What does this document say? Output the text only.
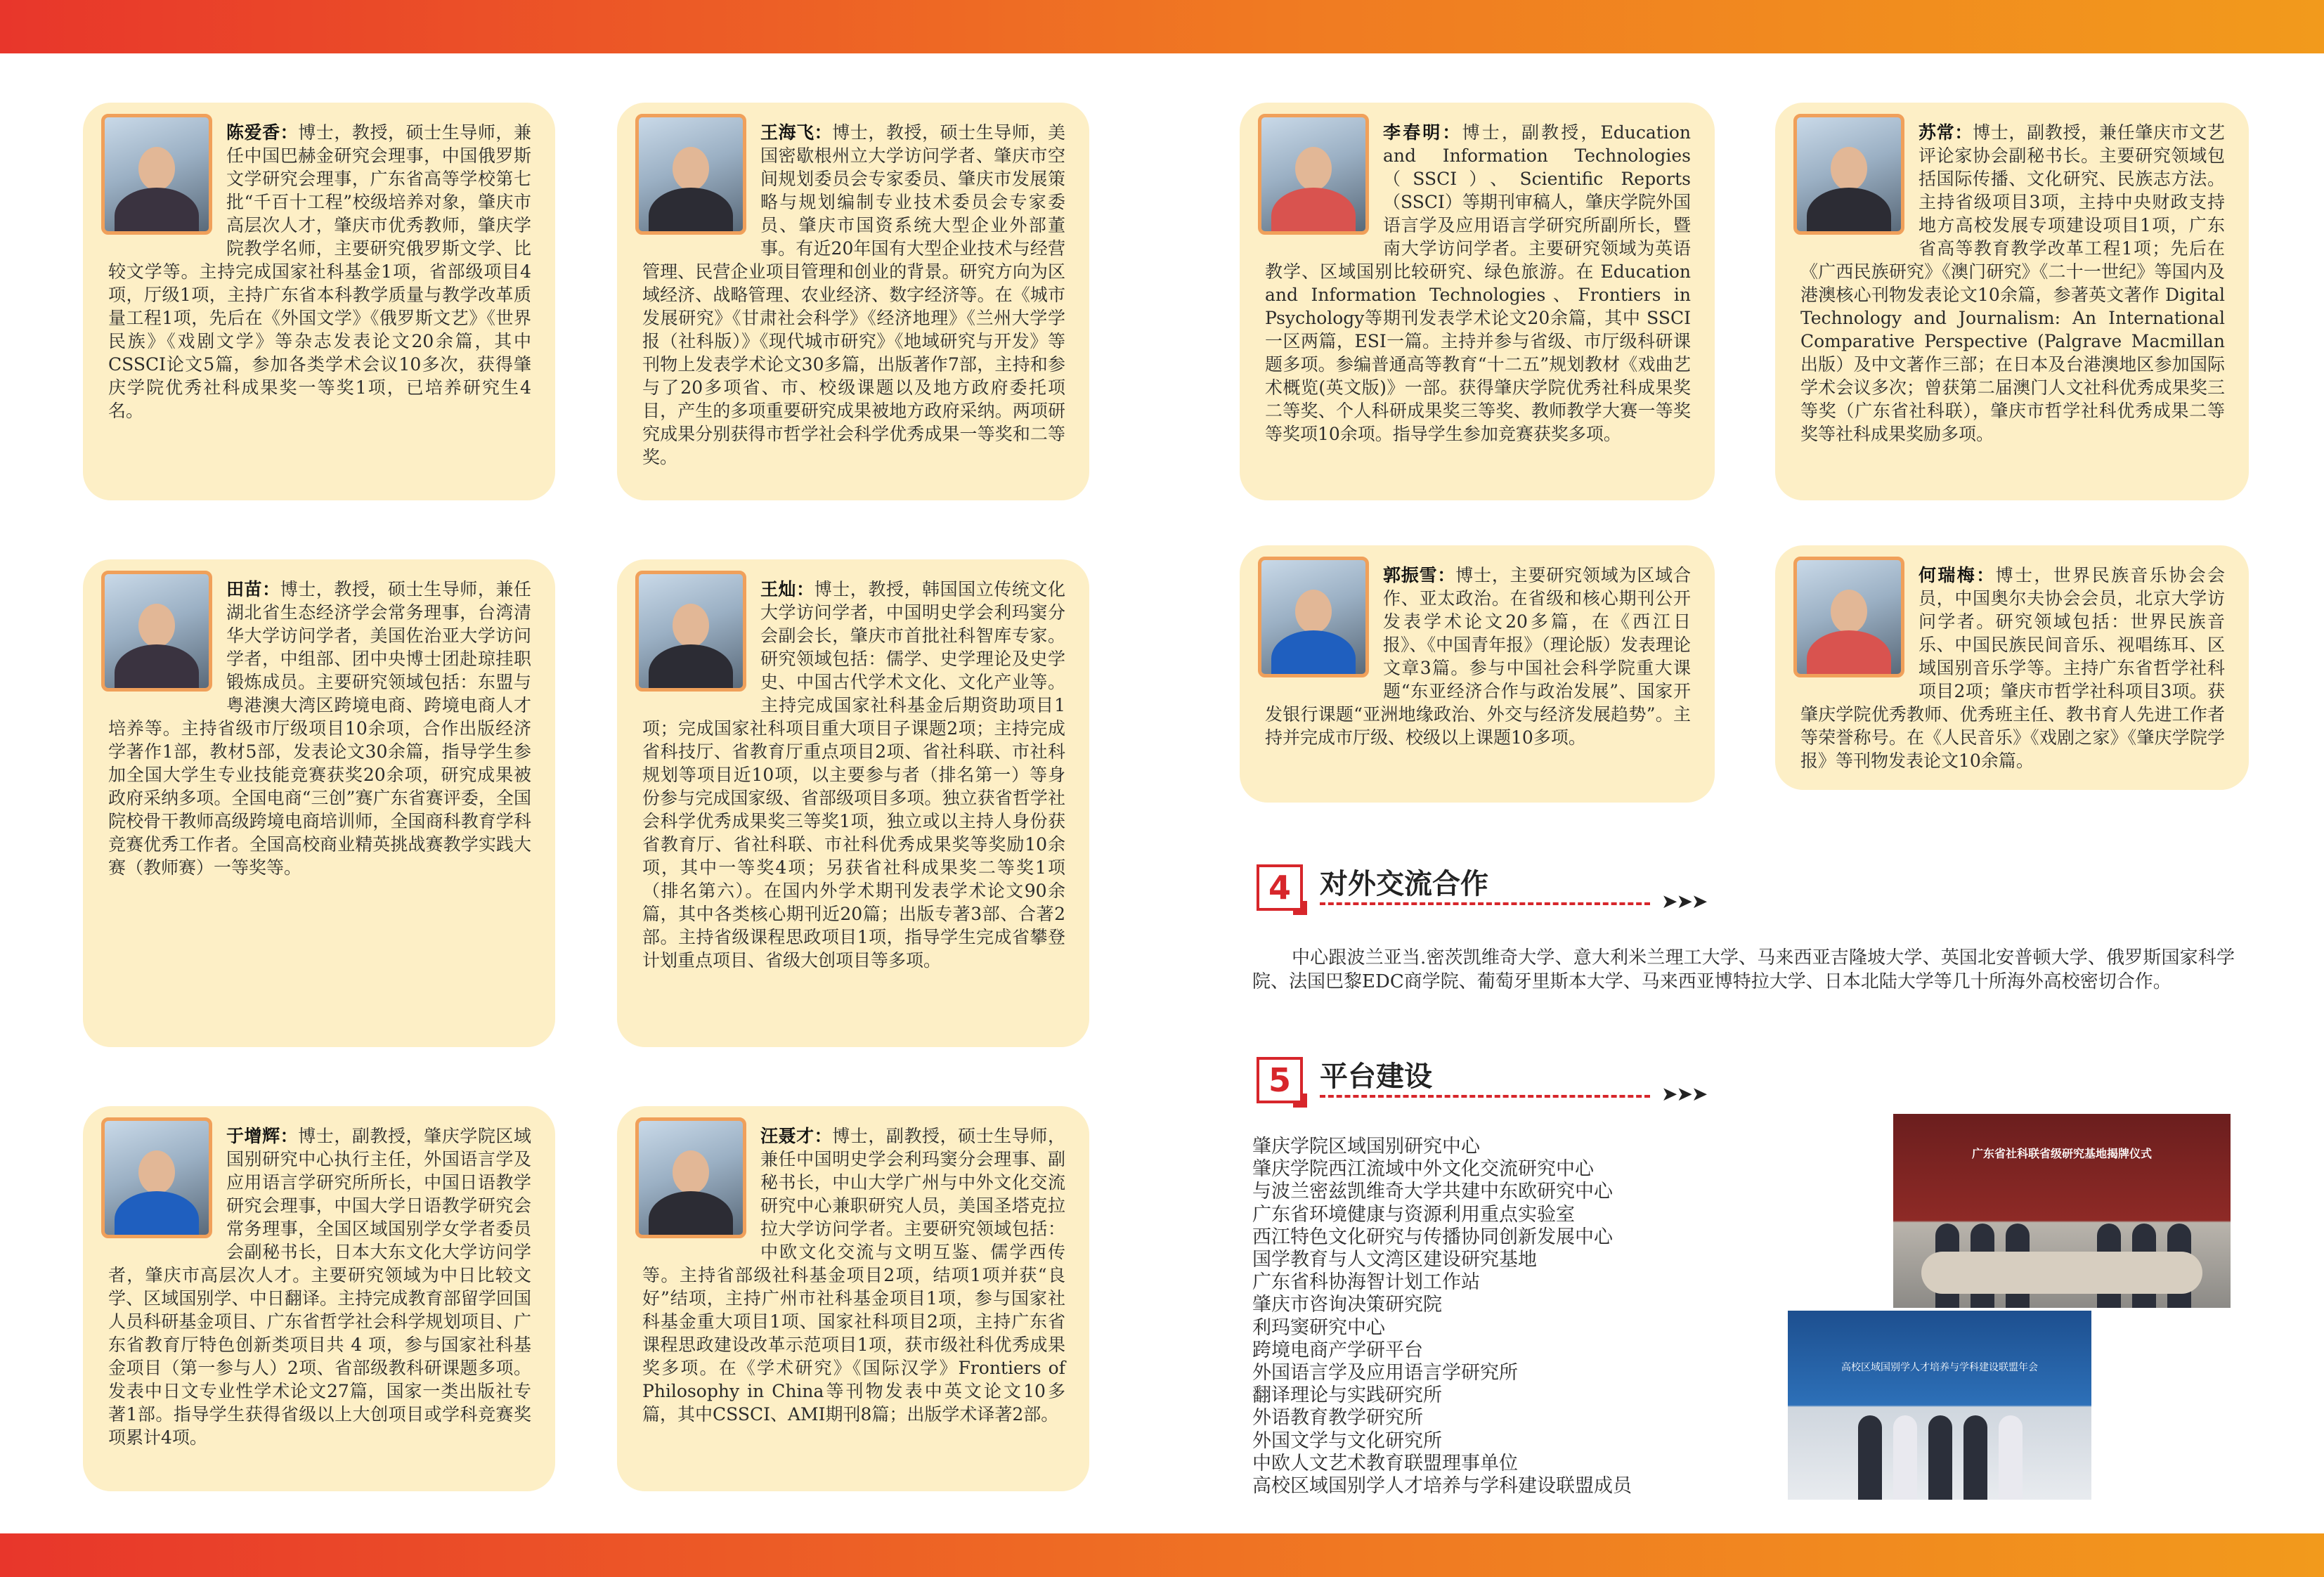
陈爱香：博士，教授，硕士生导师，兼任中国巴赫金研究会理事，中国俄罗斯文学研究会理事，广东省高等学校第七批“千百十工程”校级培养对象，肇庆市高层次人才，肇庆市优秀教师，肇庆学院教学名师，主要研究俄罗斯文学、比较文学等。主持完成国家社科基金1项，省部级项目4项，厅级1项，主持广东省本科教学质量与教学改革质量工程1项，先后在《外国文学》《俄罗斯文艺》《世界民族》《戏剧文学》等杂志发表论文20余篇，其中CSSCI论文5篇，参加各类学术会议10多次，获得肇庆学院优秀社科成果奖一等奖1项，已培养研究生4名。
王海飞：博士，教授，硕士生导师，美国密歇根州立大学访问学者、肇庆市空间规划委员会专家委员、肇庆市发展策略与规划编制专业技术委员会专家委员、肇庆市国资系统大型企业外部董事。有近20年国有大型企业技术与经营管理、民营企业项目管理和创业的背景。研究方向为区域经济、战略管理、农业经济、数字经济等。在《城市发展研究》《甘肃社会科学》《经济地理》《兰州大学学报（社科版）》《现代城市研究》《地域研究与开发》等刊物上发表学术论文30多篇，出版著作7部，主持和参与了20多项省、市、校级课题以及地方政府委托项目，产生的多项重要研究成果被地方政府采纳。两项研究成果分别获得市哲学社会科学优秀成果一等奖和二等奖。
李春明：博士，副教授，Education and Information Technologies（SSCI）、Scientific Reports（SSCI）等期刊审稿人，肇庆学院外国语言学及应用语言学研究所副所长，暨南大学访问学者。主要研究领域为英语教学、区域国别比较研究、绿色旅游。在 Education and Information Technologies、Frontiers in Psychology等期刊发表学术论文20余篇，其中 SSCI 一区两篇，ESI一篇。主持并参与省级、市厅级科研课题多项。参编普通高等教育“十二五”规划教材《戏曲艺术概览(英文版)》一部。获得肇庆学院优秀社科成果奖二等奖、个人科研成果奖三等奖、教师教学大赛一等奖等奖项10余项。指导学生参加竞赛获奖多项。
苏常：博士，副教授，兼任肇庆市文艺评论家协会副秘书长。主要研究领域包括国际传播、文化研究、民族志方法。主持省级项目3项，主持中央财政支持地方高校发展专项建设项目1项，广东省高等教育教学改革工程1项；先后在《广西民族研究》《澳门研究》《二十一世纪》等国内及港澳核心刊物发表论文10余篇，参著英文著作 Digital Technology and Journalism: An International Comparative Perspective (Palgrave Macmillan出版）及中文著作三部；在日本及台港澳地区参加国际学术会议多次；曾获第二届澳门人文社科优秀成果奖三等奖（广东省社科联），肇庆市哲学社科优秀成果二等奖等社科成果奖励多项。
田苗：博士，教授，硕士生导师，兼任湖北省生态经济学会常务理事，台湾清华大学访问学者，美国佐治亚大学访问学者，中组部、团中央博士团赴琼挂职锻炼成员。主要研究领域包括：东盟与粤港澳大湾区跨境电商、跨境电商人才培养等。主持省级市厅级项目10余项，合作出版经济学著作1部，教材5部，发表论文30余篇，指导学生参加全国大学生专业技能竞赛获奖20余项，研究成果被政府采纳多项。全国电商“三创”赛广东省赛评委，全国院校骨干教师高级跨境电商培训师，全国商科教育学科竞赛优秀工作者。全国高校商业精英挑战赛教学实践大赛（教师赛）一等奖等。
王灿：博士，教授，韩国国立传统文化大学访问学者，中国明史学会利玛窦分会副会长，肇庆市首批社科智库专家。研究领域包括：儒学、史学理论及史学史、中国古代学术文化、文化产业等。主持完成国家社科基金后期资助项目1项；完成国家社科项目重大项目子课题2项；主持完成省科技厅、省教育厅重点项目2项、省社科联、市社科规划等项目近10项，以主要参与者（排名第一）等身份参与完成国家级、省部级项目多项。独立获省哲学社会科学优秀成果奖三等奖1项，独立或以主持人身份获省教育厅、省社科联、市社科优秀成果奖等奖励10余项，其中一等奖4项；另获省社科成果奖二等奖1项（排名第六）。在国内外学术期刊发表学术论文90余篇，其中各类核心期刊近20篇；出版专著3部、合著2部。主持省级课程思政项目1项，指导学生完成省攀登计划重点项目、省级大创项目等多项。
郭振雪：博士，主要研究领域为区域合作、亚太政治。在省级和核心期刊公开发表学术论文20多篇，在《西江日报》、《中国青年报》（理论版）发表理论文章3篇。参与中国社会科学院重大课题“东亚经济合作与政治发展”、国家开发银行课题“亚洲地缘政治、外交与经济发展趋势”。主持并完成市厅级、校级以上课题10多项。
何瑞梅：博士，世界民族音乐协会会员，中国奥尔夫协会会员，北京大学访问学者。研究领域包括：世界民族音乐、中国民族民间音乐、视唱练耳、区域国别音乐学等。主持广东省哲学社科项目2项；肇庆市哲学社科项目3项。获肇庆学院优秀教师、优秀班主任、教书育人先进工作者等荣誉称号。在《人民音乐》《戏剧之家》《肇庆学院学报》等刊物发表论文10余篇。
于增辉：博士，副教授，肇庆学院区域国别研究中心执行主任，外国语言学及应用语言学研究所所长，中国日语教学研究会理事，中国大学日语教学研究会常务理事，全国区域国别学女学者委员会副秘书长，日本大东文化大学访问学者，肇庆市高层次人才。主要研究领域为中日比较文学、区域国别学、中日翻译。主持完成教育部留学回国人员科研基金项目、广东省哲学社会科学规划项目、广东省教育厅特色创新类项目共 4 项，参与国家社科基金项目（第一参与人）2项、省部级教科研课题多项。发表中日文专业性学术论文27篇，国家一类出版社专著1部。指导学生获得省级以上大创项目或学科竞赛奖项累计4项。
汪聂才：博士，副教授，硕士生导师，兼任中国明史学会利玛窦分会理事、副秘书长，中山大学广州与中外文化交流研究中心兼职研究人员，美国圣塔克拉拉大学访问学者。主要研究领域包括：中欧文化交流与文明互鉴、儒学西传等。主持省部级社科基金项目2项，结项1项并获“良好”结项，主持广州市社科基金项目1项，参与国家社科基金重大项目1项、国家社科项目2项，主持广东省课程思政建设改革示范项目1项，获市级社科优秀成果奖多项。在《学术研究》《国际汉学》Frontiers of Philosophy in China等刊物发表中英文论文10多篇，其中CSSCI、AMI期刊8篇；出版学术译著2部。
4	对外交流合作
➤➤➤
中心跟波兰亚当.密茨凯维奇大学、意大利米兰理工大学、马来西亚吉隆坡大学、英国北安普顿大学、俄罗斯国家科学院、法国巴黎EDC商学院、葡萄牙里斯本大学、马来西亚博特拉大学、日本北陆大学等几十所海外高校密切合作。
5	平台建设
➤➤➤
肇庆学院区域国别研究中心
肇庆学院西江流域中外文化交流研究中心
与波兰密兹凯维奇大学共建中东欧研究中心
广东省环境健康与资源利用重点实验室
西江特色文化研究与传播协同创新发展中心
国学教育与人文湾区建设研究基地
广东省科协海智计划工作站
肇庆市咨询决策研究院
利玛窦研究中心
跨境电商产学研平台
外国语言学及应用语言学研究所
翻译理论与实践研究所
外语教育教学研究所
外国文学与文化研究所
中欧人文艺术教育联盟理事单位
高校区域国别学人才培养与学科建设联盟成员
广东省社科联省级研究基地揭牌仪式
高校区域国别学人才培养与学科建设联盟年会
